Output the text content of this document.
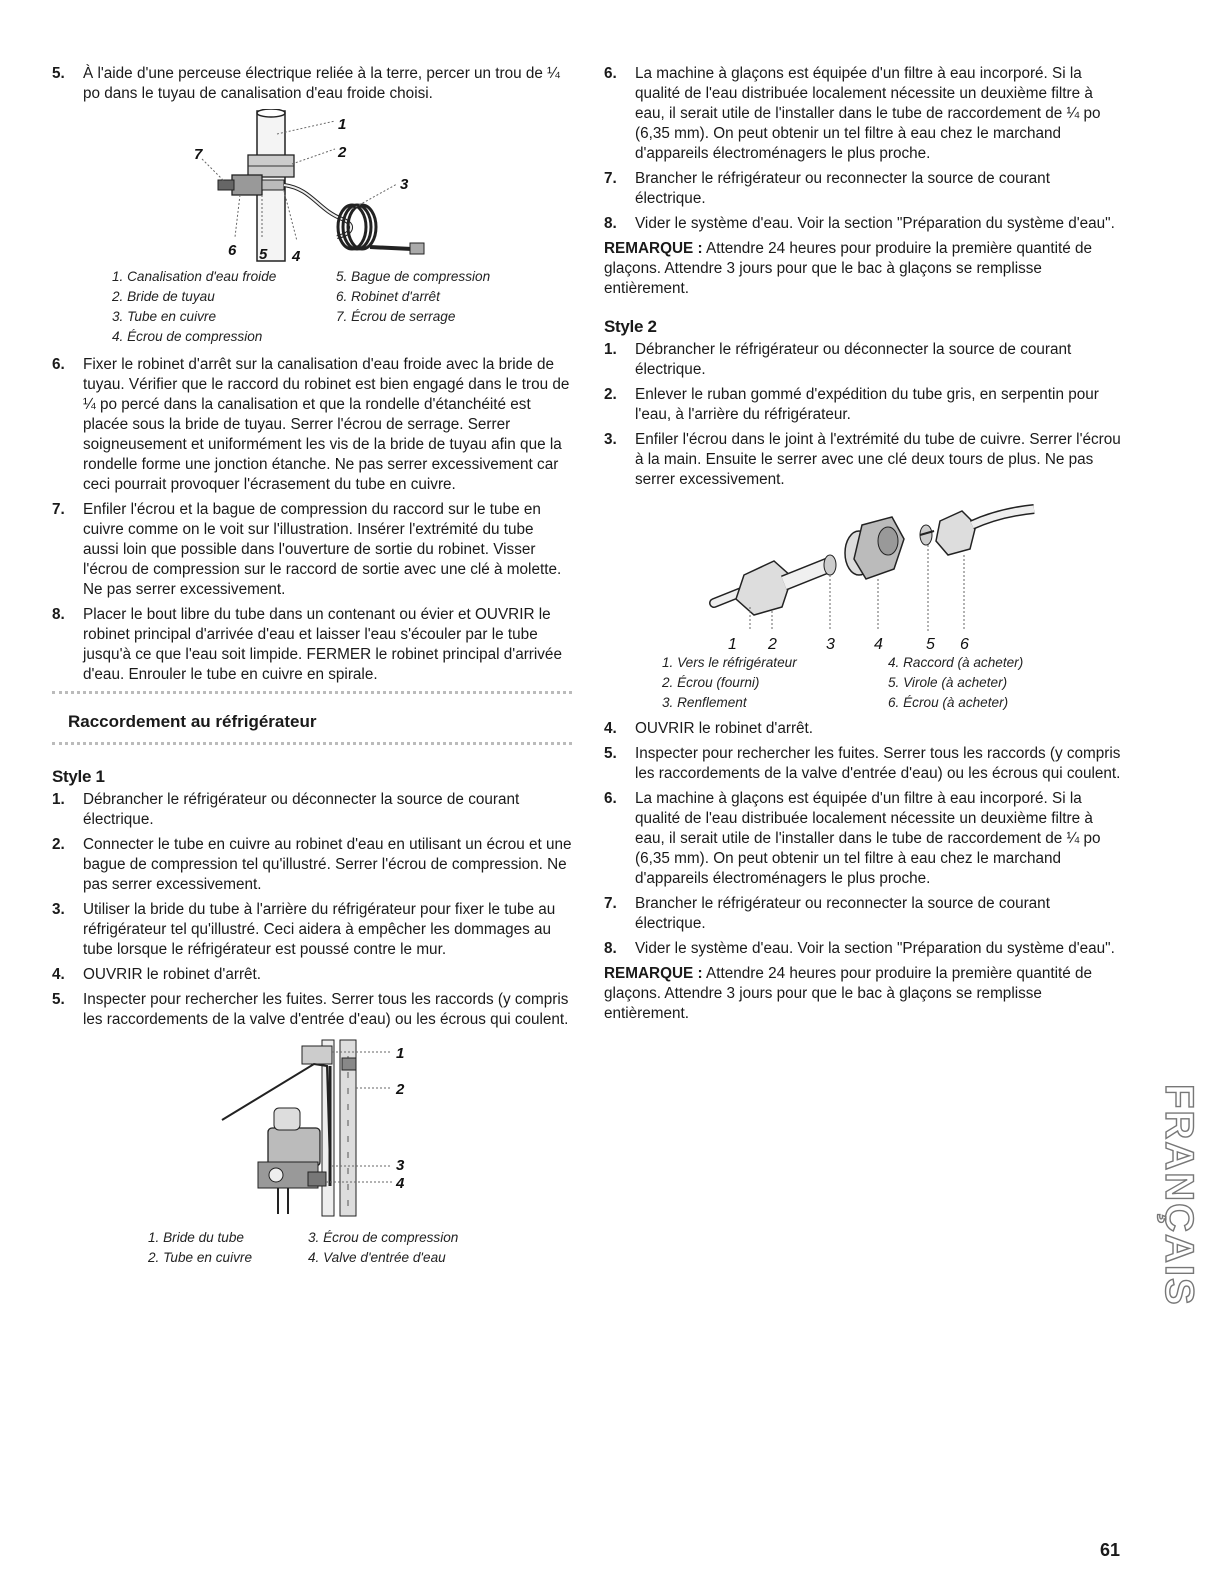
5.	À l'aide d'une perceuse électrique reliée à la terre, percer un trou de ¼ po dans le tuyau de canalisation d'eau froide choisi.
1
2
3
4
5
6
7
1. Canalisation d'eau froide	5. Bague de compression
2. Bride de tuyau	6. Robinet d'arrêt
3. Tube en cuivre	7. Écrou de serrage
4. Écrou de compression
6.	Fixer le robinet d'arrêt sur la canalisation d'eau froide avec la bride de tuyau. Vérifier que le raccord du robinet est bien engagé dans le trou de ¼ po percé dans la canalisation et que la rondelle d'étanchéité est placée sous la bride de tuyau. Serrer l'écrou de serrage. Serrer soigneusement et uniformément les vis de la bride de tuyau afin que la rondelle forme une jonction étanche. Ne pas serrer excessivement car ceci pourrait provoquer l'écrasement du tube en cuivre.
7.	Enfiler l'écrou et la bague de compression du raccord sur le tube en cuivre comme on le voit sur l'illustration. Insérer l'extrémité du tube aussi loin que possible dans l'ouverture de sortie du robinet. Visser l'écrou de compression sur le raccord de sortie avec une clé à molette. Ne pas serrer excessivement.
8.	Placer le bout libre du tube dans un contenant ou évier et OUVRIR le robinet principal d'arrivée d'eau et laisser l'eau s'écouler par le tube jusqu'à ce que l'eau soit limpide. FERMER le robinet principal d'arrivée d'eau. Enrouler le tube en cuivre en spirale.
Raccordement au réfrigérateur
Style 1
1.	Débrancher le réfrigérateur ou déconnecter la source de courant électrique.
2.	Connecter le tube en cuivre au robinet d'eau en utilisant un écrou et une bague de compression tel qu'illustré. Serrer l'écrou de compression. Ne pas serrer excessivement.
3.	Utiliser la bride du tube à l'arrière du réfrigérateur pour fixer le tube au réfrigérateur tel qu'illustré. Ceci aidera à empêcher les dommages au tube lorsque le réfrigérateur est poussé contre le mur.
4.	OUVRIR le robinet d'arrêt.
5.	Inspecter pour rechercher les fuites. Serrer tous les raccords (y compris les raccordements de la valve d'entrée d'eau) ou les écrous qui coulent.
1
2
3
4
1. Bride du tube	3. Écrou de compression
2. Tube en cuivre	4. Valve d'entrée d'eau
6.	La machine à glaçons est équipée d'un filtre à eau incorporé. Si la qualité de l'eau distribuée localement nécessite un deuxième filtre à eau, il serait utile de l'installer dans le tube de raccordement de ¼ po (6,35 mm). On peut obtenir un tel filtre à eau chez le marchand d'appareils électroménagers le plus proche.
7.	Brancher le réfrigérateur ou reconnecter la source de courant électrique.
8.	Vider le système d'eau. Voir la section "Préparation du système d'eau".
REMARQUE : Attendre 24 heures pour produire la première quantité de glaçons. Attendre 3 jours pour que le bac à glaçons se remplisse entièrement.
Style 2
1.	Débrancher le réfrigérateur ou déconnecter la source de courant électrique.
2.	Enlever le ruban gommé d'expédition du tube gris, en serpentin pour l'eau, à l'arrière du réfrigérateur.
3.	Enfiler l'écrou dans le joint à l'extrémité du tube de cuivre. Serrer l'écrou à la main. Ensuite le serrer avec une clé deux tours de plus. Ne pas serrer excessivement.
1 2	3 4	5 6
1. Vers le réfrigérateur	4. Raccord (à acheter)
2. Écrou (fourni)	5. Virole (à acheter)
3. Renflement	6. Écrou (à acheter)
4.	OUVRIR le robinet d'arrêt.
5.	Inspecter pour rechercher les fuites. Serrer tous les raccords (y compris les raccordements de la valve d'entrée d'eau) ou les écrous qui coulent.
6.	La machine à glaçons est équipée d'un filtre à eau incorporé. Si la qualité de l'eau distribuée localement nécessite un deuxième filtre à eau, il serait utile de l'installer dans le tube de raccordement de ¼ po (6,35 mm). On peut obtenir un tel filtre à eau chez le marchand d'appareils électroménagers le plus proche.
7.	Brancher le réfrigérateur ou reconnecter la source de courant électrique.
8.	Vider le système d'eau. Voir la section "Préparation du système d'eau".
REMARQUE : Attendre 24 heures pour produire la première quantité de glaçons. Attendre 3 jours pour que le bac à glaçons se remplisse entièrement.
FRANÇAIS
61
